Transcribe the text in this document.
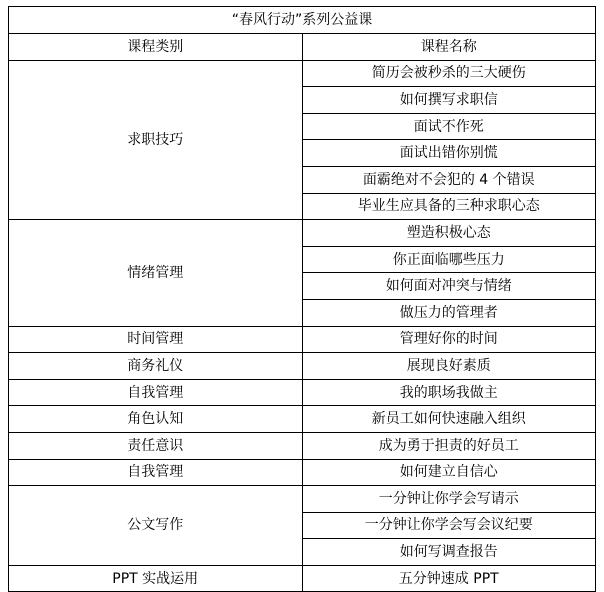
“春风行动”系列公益课	
课程类别	课程名称
求职技巧	简历会被秒杀的三大硬伤
	如何撰写求职信
	面试不作死
	面试出错你别慌
	面霸绝对不会犯的 4 个错误
	毕业生应具备的三种求职心态
情绪管理	塑造积极心态
	你正面临哪些压力
	如何面对冲突与情绪
	做压力的管理者
时间管理	管理好你的时间
商务礼仪	展现良好素质
自我管理	我的职场我做主
角色认知	新员工如何快速融入组织
责任意识	成为勇于担责的好员工
自我管理	如何建立自信心
公文写作	一分钟让你学会写请示
	一分钟让你学会写会议纪要
	如何写调查报告
PPT 实战运用	五分钟速成 PPT
